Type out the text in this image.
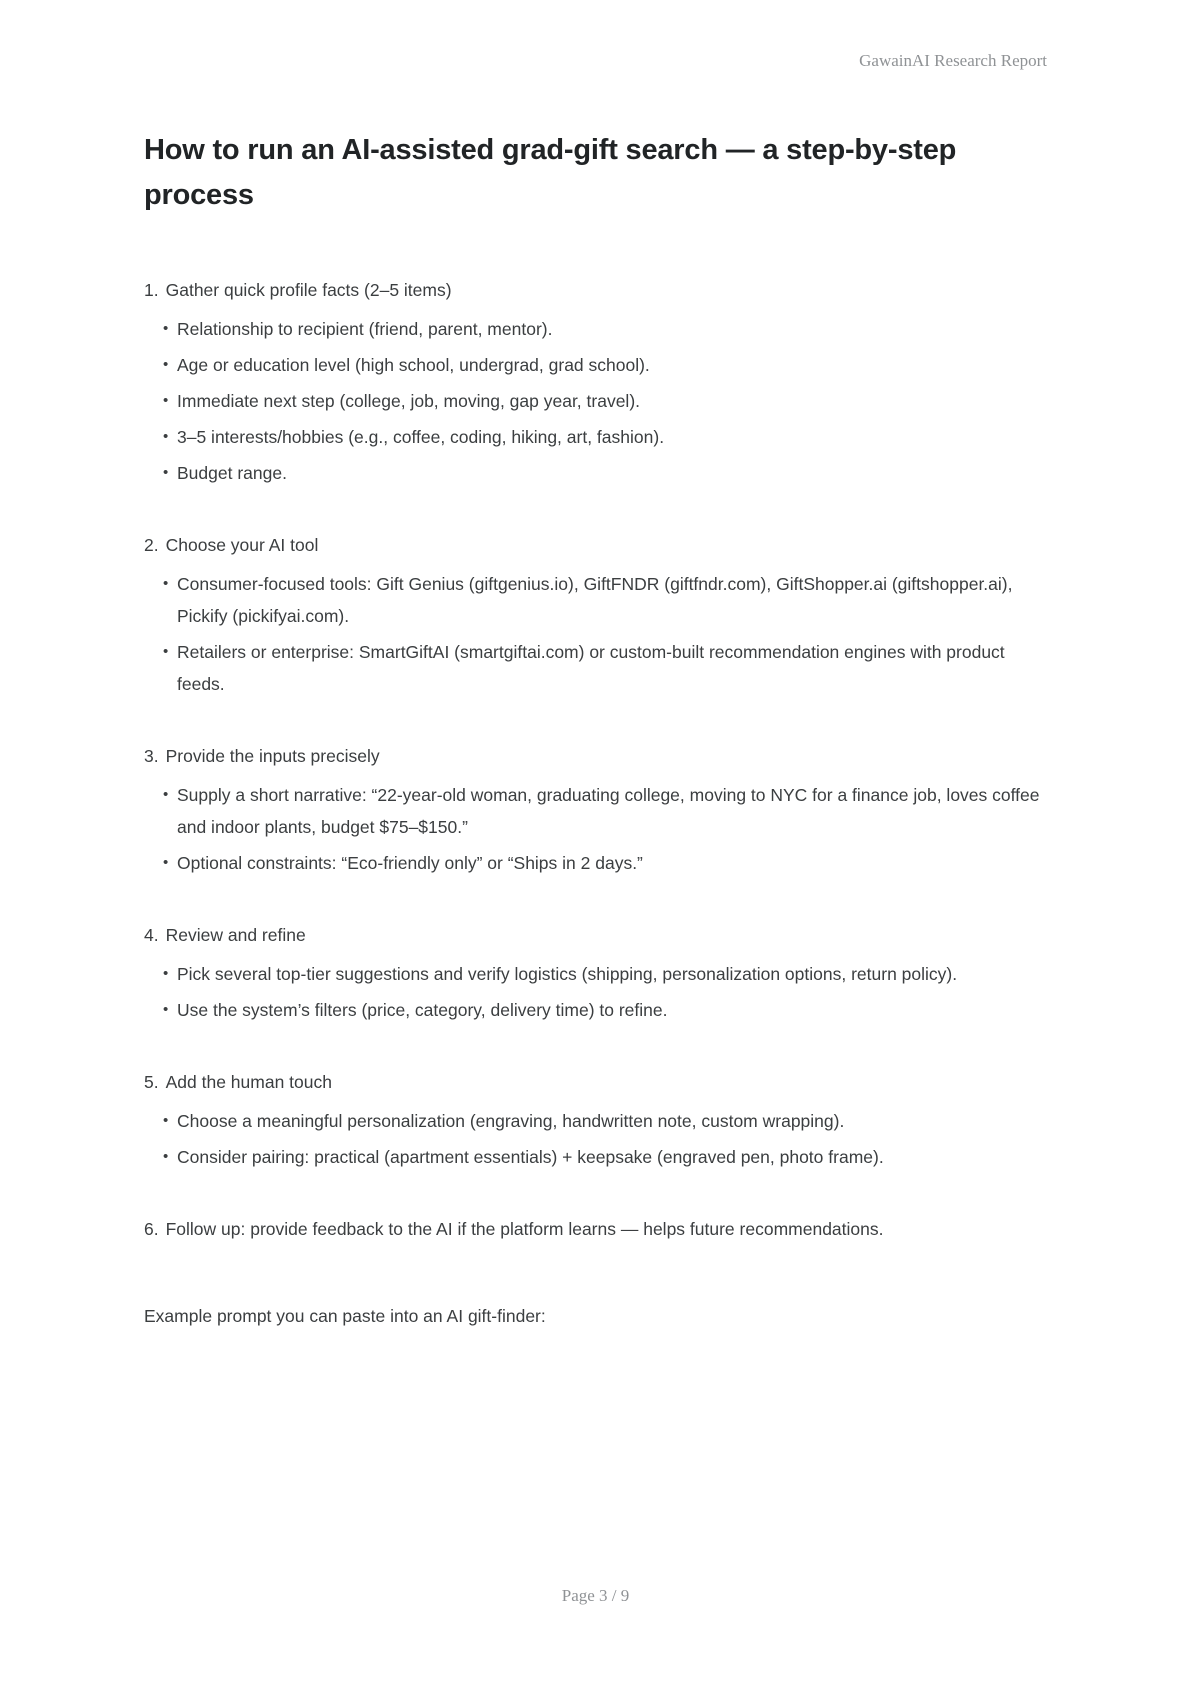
GawainAI Research Report
How to run an AI-assisted grad-gift search — a step-by-step process

1. Gather quick profile facts (2–5 items)

• Relationship to recipient (friend, parent, mentor).
• Age or education level (high school, undergrad, grad school).
• Immediate next step (college, job, moving, gap year, travel).
• 3–5 interests/hobbies (e.g., coffee, coding, hiking, art, fashion).
• Budget range.

2. Choose your AI tool

• Consumer-focused tools: Gift Genius (giftgenius.io), GiftFNDR (giftfndr.com), GiftShopper.ai (giftshopper.ai), Pickify (pickifyai.com).
• Retailers or enterprise: SmartGiftAI (smartgiftai.com) or custom-built recommendation engines with product feeds.

3. Provide the inputs precisely

• Supply a short narrative: “22-year-old woman, graduating college, moving to NYC for a finance job, loves coffee and indoor plants, budget $75–$150.”
• Optional constraints: “Eco-friendly only” or “Ships in 2 days.”

4. Review and refine

• Pick several top-tier suggestions and verify logistics (shipping, personalization options, return policy).
• Use the system’s filters (price, category, delivery time) to refine.

5. Add the human touch

• Choose a meaningful personalization (engraving, handwritten note, custom wrapping).
• Consider pairing: practical (apartment essentials) + keepsake (engraved pen, photo frame).

6. Follow up: provide feedback to the AI if the platform learns — helps future recommendations.

Example prompt you can paste into an AI gift-finder:

Page 3 / 9
